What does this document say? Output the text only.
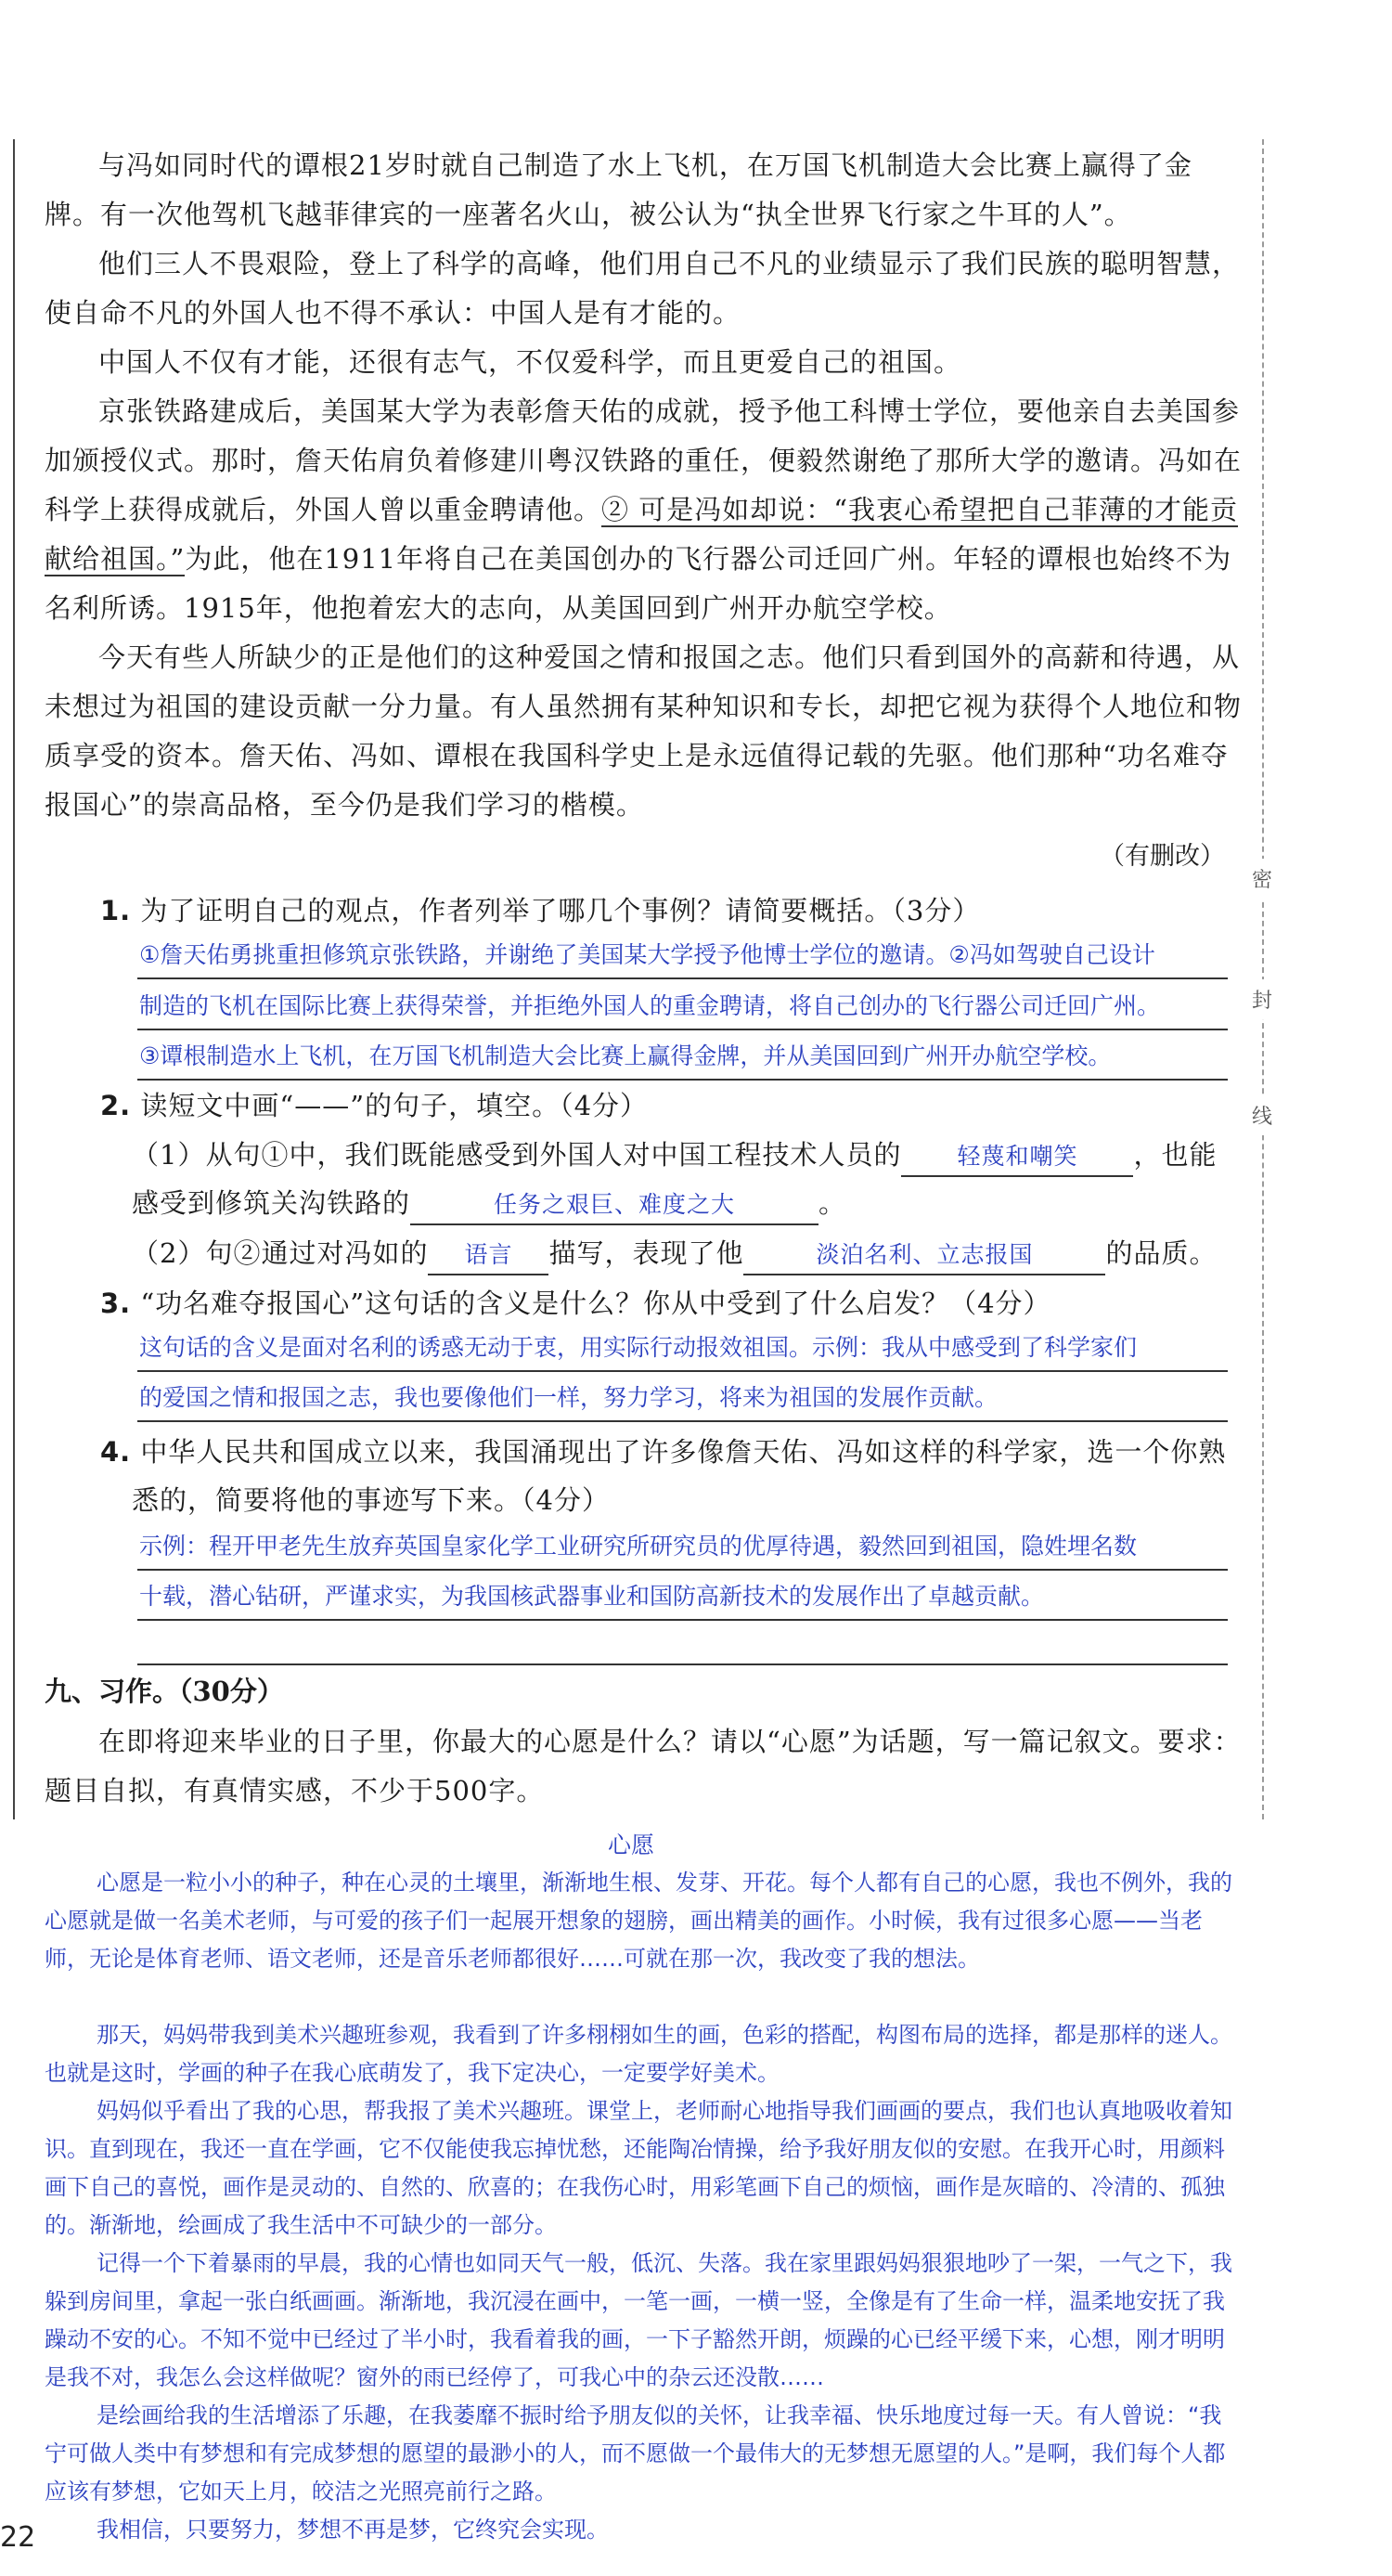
密
封
线

与冯如同时代的谭根21岁时就自己制造了水上飞机，在万国飞机制造大会比赛上赢得了金牌。有一次他驾机飞越菲律宾的一座著名火山，被公认为“执全世界飞行家之牛耳的人”。

他们三人不畏艰险，登上了科学的高峰，他们用自己不凡的业绩显示了我们民族的聪明智慧，使自命不凡的外国人也不得不承认：中国人是有才能的。

中国人不仅有才能，还很有志气，不仅爱科学，而且更爱自己的祖国。

京张铁路建成后，美国某大学为表彰詹天佑的成就，授予他工科博士学位，要他亲自去美国参加颁授仪式。那时，詹天佑肩负着修建川粤汉铁路的重任，便毅然谢绝了那所大学的邀请。冯如在科学上获得成就后，外国人曾以重金聘请他。② 可是冯如却说：“我衷心希望把自己菲薄的才能贡献给祖国。”为此，他在1911年将自己在美国创办的飞行器公司迁回广州。年轻的谭根也始终不为名利所诱。1915年，他抱着宏大的志向，从美国回到广州开办航空学校。

今天有些人所缺少的正是他们的这种爱国之情和报国之志。他们只看到国外的高薪和待遇，从未想过为祖国的建设贡献一分力量。有人虽然拥有某种知识和专长，却把它视为获得个人地位和物质享受的资本。詹天佑、冯如、谭根在我国科学史上是永远值得记载的先驱。他们那种“功名难夺报国心”的崇高品格，至今仍是我们学习的楷模。

（有删改）

1. 为了证明自己的观点，作者列举了哪几个事例？请简要概括。（3分）

①詹天佑勇挑重担修筑京张铁路，并谢绝了美国某大学授予他博士学位的邀请。②冯如驾驶自己设计

制造的飞机在国际比赛上获得荣誉，并拒绝外国人的重金聘请，将自己创办的飞行器公司迁回广州。

③谭根制造水上飞机，在万国飞机制造大会比赛上赢得金牌，并从美国回到广州开办航空学校。

2. 读短文中画“——”的句子，填空。（4分）

（1）从句①中，我们既能感受到外国人对中国工程技术人员的 轻蔑和嘲笑 ，也能

感受到修筑关沟铁路的	任务之艰巨、难度之大	。

（2）句②通过对冯如的 语言 描写，表现了他	淡泊名利、立志报国	的品质。

3. “功名难夺报国心”这句话的含义是什么？你从中受到了什么启发？（4分）

这句话的含义是面对名利的诱惑无动于衷，用实际行动报效祖国。示例：我从中感受到了科学家们

的爱国之情和报国之志，我也要像他们一样，努力学习，将来为祖国的发展作贡献。

4. 中华人民共和国成立以来，我国涌现出了许多像詹天佑、冯如这样的科学家，选一个你熟

悉的，简要将他的事迹写下来。（4分）

示例：程开甲老先生放弃英国皇家化学工业研究所研究员的优厚待遇，毅然回到祖国，隐姓埋名数

十载，潜心钻研，严谨求实，为我国核武器事业和国防高新技术的发展作出了卓越贡献。

九、习作。（30分）

在即将迎来毕业的日子里，你最大的心愿是什么？请以“心愿”为话题，写一篇记叙文。要求：题目自拟，有真情实感，不少于500字。

心愿

心愿是一粒小小的种子，种在心灵的土壤里，渐渐地生根、发芽、开花。每个人都有自己的心愿，我也不例外，我的心愿就是做一名美术老师，与可爱的孩子们一起展开想象的翅膀，画出精美的画作。小时候，我有过很多心愿——当老师，无论是体育老师、语文老师，还是音乐老师都很好……可就在那一次，我改变了我的想法。

那天，妈妈带我到美术兴趣班参观，我看到了许多栩栩如生的画，色彩的搭配，构图布局的选择，都是那样的迷人。也就是这时，学画的种子在我心底萌发了，我下定决心，一定要学好美术。

妈妈似乎看出了我的心思，帮我报了美术兴趣班。课堂上，老师耐心地指导我们画画的要点，我们也认真地吸收着知识。直到现在，我还一直在学画，它不仅能使我忘掉忧愁，还能陶冶情操，给予我好朋友似的安慰。在我开心时，用颜料画下自己的喜悦，画作是灵动的、自然的、欣喜的；在我伤心时，用彩笔画下自己的烦恼，画作是灰暗的、冷清的、孤独的。渐渐地，绘画成了我生活中不可缺少的一部分。

记得一个下着暴雨的早晨，我的心情也如同天气一般，低沉、失落。我在家里跟妈妈狠狠地吵了一架，一气之下，我躲到房间里，拿起一张白纸画画。渐渐地，我沉浸在画中，一笔一画，一横一竖，全像是有了生命一样，温柔地安抚了我躁动不安的心。不知不觉中已经过了半小时，我看着我的画，一下子豁然开朗，烦躁的心已经平缓下来，心想，刚才明明是我不对，我怎么会这样做呢？窗外的雨已经停了，可我心中的杂云还没散……

是绘画给我的生活增添了乐趣，在我萎靡不振时给予朋友似的关怀，让我幸福、快乐地度过每一天。有人曾说：“我宁可做人类中有梦想和有完成梦想的愿望的最渺小的人，而不愿做一个最伟大的无梦想无愿望的人。”是啊，我们每个人都应该有梦想，它如天上月，皎洁之光照亮前行之路。

我相信，只要努力，梦想不再是梦，它终究会实现。

22
